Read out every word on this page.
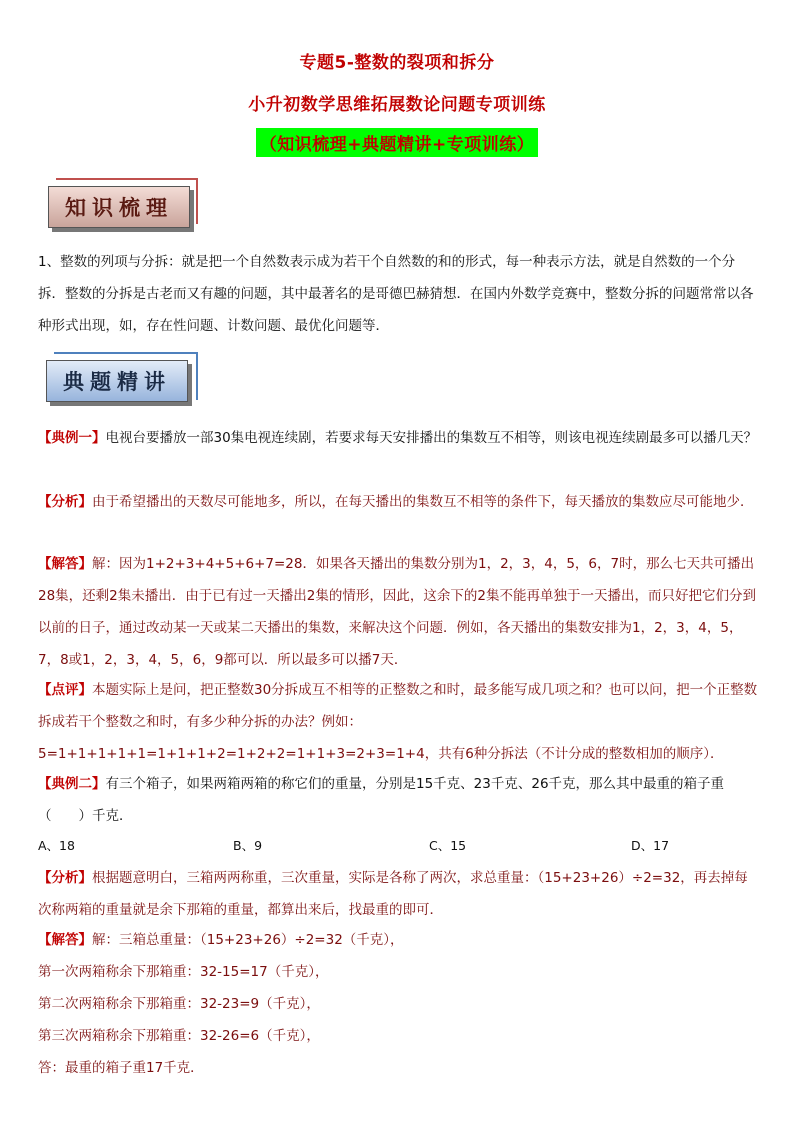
专题5-整数的裂项和拆分
小升初数学思维拓展数论问题专项训练
（知识梳理+典题精讲+专项训练）
知识梳理
1、整数的列项与分拆：就是把一个自然数表示成为若干个自然数的和的形式，每一种表示方法，就是自然数的一个分拆．整数的分拆是古老而又有趣的问题，其中最著名的是哥德巴赫猜想．在国内外数学竞赛中，整数分拆的问题常常以各种形式出现，如，存在性问题、计数问题、最优化问题等．
典题精讲
【典例一】电视台要播放一部30集电视连续剧，若要求每天安排播出的集数互不相等，则该电视连续剧最多可以播几天？
【分析】由于希望播出的天数尽可能地多，所以，在每天播出的集数互不相等的条件下，每天播放的集数应尽可能地少．
【解答】解：因为1+2+3+4+5+6+7=28．如果各天播出的集数分别为1，2，3，4，5，6，7时，那么七天共可播出28集，还剩2集未播出．由于已有过一天播出2集的情形，因此，这余下的2集不能再单独于一天播出，而只好把它们分到以前的日子，通过改动某一天或某二天播出的集数，来解决这个问题．例如，各天播出的集数安排为1，2，3，4，5，7，8或1，2，3，4，5，6，9都可以．所以最多可以播7天．
【点评】本题实际上是问，把正整数30分拆成互不相等的正整数之和时，最多能写成几项之和？也可以问，把一个正整数拆成若干个整数之和时，有多少种分拆的办法？例如：5=1+1+1+1+1=1+1+1+2=1+2+2=1+1+3=2+3=1+4，共有6种分拆法（不计分成的整数相加的顺序）．
【典例二】有三个箱子，如果两箱两箱的称它们的重量，分别是15千克、23千克、26千克，那么其中最重的箱子重（　　）千克．
A、18	B、9	C、15	D、17
【分析】根据题意明白，三箱两两称重，三次重量，实际是各称了两次，求总重量：（15+23+26）÷2=32，再去掉每次称两箱的重量就是余下那箱的重量，都算出来后，找最重的即可．
【解答】解：三箱总重量：（15+23+26）÷2=32（千克），
第一次两箱称余下那箱重：32-15=17（千克），
第二次两箱称余下那箱重：32-23=9（千克），
第三次两箱称余下那箱重：32-26=6（千克），
答：最重的箱子重17千克．
